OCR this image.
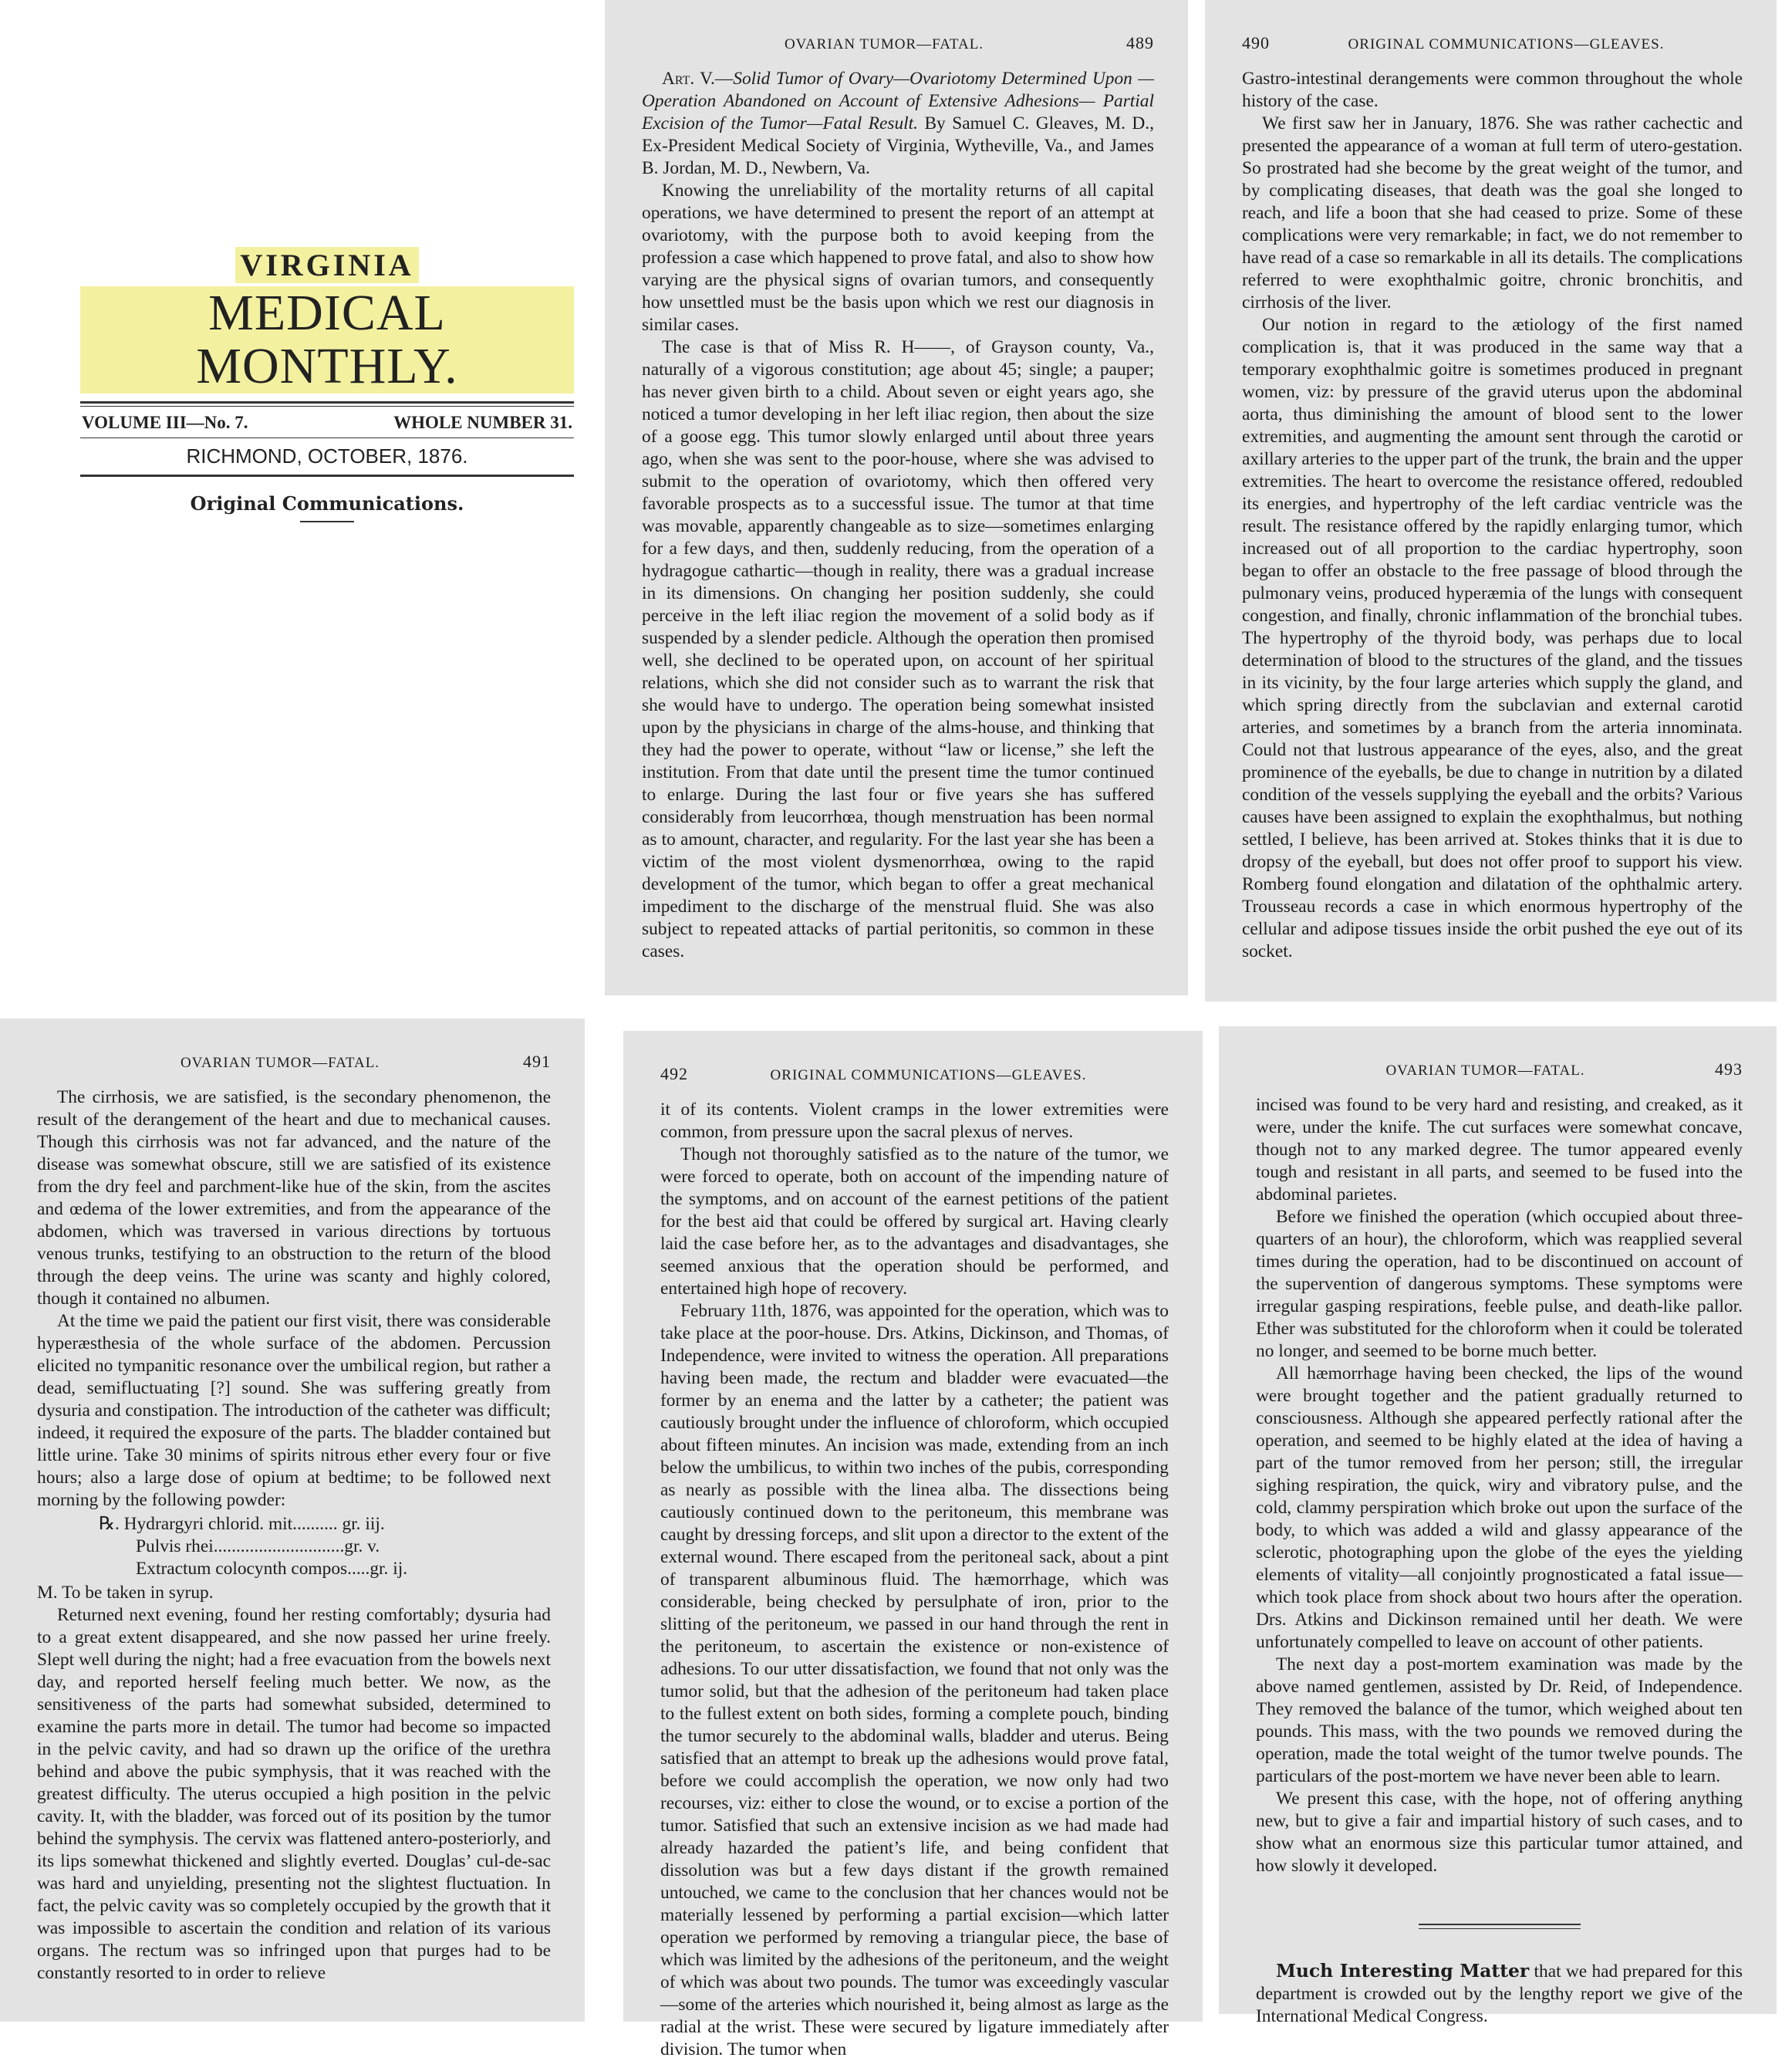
VIRGINIA
MEDICAL MONTHLY.
VOLUME III—No. 7.	WHOLE NUMBER 31.
RICHMOND, OCTOBER, 1876.
Original Communications.
OVARIAN TUMOR—FATAL.	489

Art. V.—Solid Tumor of Ovary—Ovariotomy Determined Upon —Operation Abandoned on Account of Extensive Adhesions— Partial Excision of the Tumor—Fatal Result. By Samuel C. Gleaves, M. D., Ex-President Medical Society of Virginia, Wytheville, Va., and James B. Jordan, M. D., Newbern, Va.

Knowing the unreliability of the mortality returns of all capital operations, we have determined to present the report of an attempt at ovariotomy, with the purpose both to avoid keeping from the profession a case which happened to prove fatal, and also to show how varying are the physical signs of ovarian tumors, and consequently how unsettled must be the basis upon which we rest our diagnosis in similar cases.

The case is that of Miss R. H——, of Grayson county, Va., naturally of a vigorous constitution; age about 45; single; a pauper; has never given birth to a child. About seven or eight years ago, she noticed a tumor developing in her left iliac region, then about the size of a goose egg. This tumor slowly enlarged until about three years ago, when she was sent to the poor-house, where she was advised to submit to the operation of ovariotomy, which then offered very favorable prospects as to a successful issue. The tumor at that time was movable, apparently changeable as to size—sometimes enlarging for a few days, and then, suddenly reducing, from the operation of a hydragogue cathartic—though in reality, there was a gradual increase in its dimensions. On changing her position suddenly, she could perceive in the left iliac region the movement of a solid body as if suspended by a slender pedicle. Although the operation then promised well, she declined to be operated upon, on account of her spiritual relations, which she did not consider such as to warrant the risk that she would have to undergo. The operation being somewhat insisted upon by the physicians in charge of the alms-house, and thinking that they had the power to operate, without “law or license,” she left the institution. From that date until the present time the tumor continued to enlarge. During the last four or five years she has suffered considerably from leucorrhœa, though menstruation has been normal as to amount, character, and regularity. For the last year she has been a victim of the most violent dysmenorrhœa, owing to the rapid development of the tumor, which began to offer a great mechanical impediment to the discharge of the menstrual fluid. She was also subject to repeated attacks of partial peritonitis, so common in these cases.

490	ORIGINAL COMMUNICATIONS—GLEAVES.

Gastro-intestinal derangements were common throughout the whole history of the case.

We first saw her in January, 1876. She was rather cachectic and presented the appearance of a woman at full term of utero-gestation. So prostrated had she become by the great weight of the tumor, and by complicating diseases, that death was the goal she longed to reach, and life a boon that she had ceased to prize. Some of these complications were very remarkable; in fact, we do not remember to have read of a case so remarkable in all its details. The complications referred to were exophthalmic goitre, chronic bronchitis, and cirrhosis of the liver.

Our notion in regard to the ætiology of the first named complication is, that it was produced in the same way that a temporary exophthalmic goitre is sometimes produced in pregnant women, viz: by pressure of the gravid uterus upon the abdominal aorta, thus diminishing the amount of blood sent to the lower extremities, and augmenting the amount sent through the carotid or axillary arteries to the upper part of the trunk, the brain and the upper extremities. The heart to overcome the resistance offered, redoubled its energies, and hypertrophy of the left cardiac ventricle was the result. The resistance offered by the rapidly enlarging tumor, which increased out of all proportion to the cardiac hypertrophy, soon began to offer an obstacle to the free passage of blood through the pulmonary veins, produced hyperæmia of the lungs with consequent congestion, and finally, chronic inflammation of the bronchial tubes. The hypertrophy of the thyroid body, was perhaps due to local determination of blood to the structures of the gland, and the tissues in its vicinity, by the four large arteries which supply the gland, and which spring directly from the subclavian and external carotid arteries, and sometimes by a branch from the arteria innominata. Could not that lustrous appearance of the eyes, also, and the great prominence of the eyeballs, be due to change in nutrition by a dilated condition of the vessels supplying the eyeball and the orbits? Various causes have been assigned to explain the exophthalmus, but nothing settled, I believe, has been arrived at. Stokes thinks that it is due to dropsy of the eyeball, but does not offer proof to support his view. Romberg found elongation and dilatation of the ophthalmic artery. Trousseau records a case in which enormous hypertrophy of the cellular and adipose tissues inside the orbit pushed the eye out of its socket.

OVARIAN TUMOR—FATAL.	491

The cirrhosis, we are satisfied, is the secondary phenomenon, the result of the derangement of the heart and due to mechanical causes. Though this cirrhosis was not far advanced, and the nature of the disease was somewhat obscure, still we are satisfied of its existence from the dry feel and parchment-like hue of the skin, from the ascites and œdema of the lower extremities, and from the appearance of the abdomen, which was traversed in various directions by tortuous venous trunks, testifying to an obstruction to the return of the blood through the deep veins. The urine was scanty and highly colored, though it contained no albumen.

At the time we paid the patient our first visit, there was considerable hyperæsthesia of the whole surface of the abdomen. Percussion elicited no tympanitic resonance over the umbilical region, but rather a dead, semifluctuating [?] sound. She was suffering greatly from dysuria and constipation. The introduction of the catheter was difficult; indeed, it required the exposure of the parts. The bladder contained but little urine. Take 30 minims of spirits nitrous ether every four or five hours; also a large dose of opium at bedtime; to be followed next morning by the following powder:

℞. Hydrargyri chlorid. mit.......... gr. iij.
Pulvis rhei.............................gr. v.
Extractum colocynth compos.....gr. ij.

M. To be taken in syrup.

Returned next evening, found her resting comfortably; dysuria had to a great extent disappeared, and she now passed her urine freely. Slept well during the night; had a free evacuation from the bowels next day, and reported herself feeling much better. We now, as the sensitiveness of the parts had somewhat subsided, determined to examine the parts more in detail. The tumor had become so impacted in the pelvic cavity, and had so drawn up the orifice of the urethra behind and above the pubic symphysis, that it was reached with the greatest difficulty. The uterus occupied a high position in the pelvic cavity. It, with the bladder, was forced out of its position by the tumor behind the symphysis. The cervix was flattened antero-posteriorly, and its lips somewhat thickened and slightly everted. Douglas’ cul-de-sac was hard and unyielding, presenting not the slightest fluctuation. In fact, the pelvic cavity was so completely occupied by the growth that it was impossible to ascertain the condition and relation of its various organs. The rectum was so infringed upon that purges had to be constantly resorted to in order to relieve

492	ORIGINAL COMMUNICATIONS—GLEAVES.

it of its contents. Violent cramps in the lower extremities were common, from pressure upon the sacral plexus of nerves.

Though not thoroughly satisfied as to the nature of the tumor, we were forced to operate, both on account of the impending nature of the symptoms, and on account of the earnest petitions of the patient for the best aid that could be offered by surgical art. Having clearly laid the case before her, as to the advantages and disadvantages, she seemed anxious that the operation should be performed, and entertained high hope of recovery.

February 11th, 1876, was appointed for the operation, which was to take place at the poor-house. Drs. Atkins, Dickinson, and Thomas, of Independence, were invited to witness the operation. All preparations having been made, the rectum and bladder were evacuated—the former by an enema and the latter by a catheter; the patient was cautiously brought under the influence of chloroform, which occupied about fifteen minutes. An incision was made, extending from an inch below the umbilicus, to within two inches of the pubis, corresponding as nearly as possible with the linea alba. The dissections being cautiously continued down to the peritoneum, this membrane was caught by dressing forceps, and slit upon a director to the extent of the external wound. There escaped from the peritoneal sack, about a pint of transparent albuminous fluid. The hæmorrhage, which was considerable, being checked by persulphate of iron, prior to the slitting of the peritoneum, we passed in our hand through the rent in the peritoneum, to ascertain the existence or non-existence of adhesions. To our utter dissatisfaction, we found that not only was the tumor solid, but that the adhesion of the peritoneum had taken place to the fullest extent on both sides, forming a complete pouch, binding the tumor securely to the abdominal walls, bladder and uterus. Being satisfied that an attempt to break up the adhesions would prove fatal, before we could accomplish the operation, we now only had two recourses, viz: either to close the wound, or to excise a portion of the tumor. Satisfied that such an extensive incision as we had made had already hazarded the patient’s life, and being confident that dissolution was but a few days distant if the growth remained untouched, we came to the conclusion that her chances would not be materially lessened by performing a partial excision—which latter operation we performed by removing a triangular piece, the base of which was limited by the adhesions of the peritoneum, and the weight of which was about two pounds. The tumor was exceedingly vascular—some of the arteries which nourished it, being almost as large as the radial at the wrist. These were secured by ligature immediately after division. The tumor when

OVARIAN TUMOR—FATAL.	493

incised was found to be very hard and resisting, and creaked, as it were, under the knife. The cut surfaces were somewhat concave, though not to any marked degree. The tumor appeared evenly tough and resistant in all parts, and seemed to be fused into the abdominal parietes.

Before we finished the operation (which occupied about three-quarters of an hour), the chloroform, which was reapplied several times during the operation, had to be discontinued on account of the supervention of dangerous symptoms. These symptoms were irregular gasping respirations, feeble pulse, and death-like pallor. Ether was substituted for the chloroform when it could be tolerated no longer, and seemed to be borne much better.

All hæmorrhage having been checked, the lips of the wound were brought together and the patient gradually returned to consciousness. Although she appeared perfectly rational after the operation, and seemed to be highly elated at the idea of having a part of the tumor removed from her person; still, the irregular sighing respiration, the quick, wiry and vibratory pulse, and the cold, clammy perspiration which broke out upon the surface of the body, to which was added a wild and glassy appearance of the sclerotic, photographing upon the globe of the eyes the yielding elements of vitality—all conjointly prognosticated a fatal issue—which took place from shock about two hours after the operation. Drs. Atkins and Dickinson remained until her death. We were unfortunately compelled to leave on account of other patients.

The next day a post-mortem examination was made by the above named gentlemen, assisted by Dr. Reid, of Independence. They removed the balance of the tumor, which weighed about ten pounds. This mass, with the two pounds we removed during the operation, made the total weight of the tumor twelve pounds. The particulars of the post-mortem we have never been able to learn.

We present this case, with the hope, not of offering anything new, but to give a fair and impartial history of such cases, and to show what an enormous size this particular tumor attained, and how slowly it developed.

Much Interesting Matter that we had prepared for this department is crowded out by the lengthy report we give of the International Medical Congress.
